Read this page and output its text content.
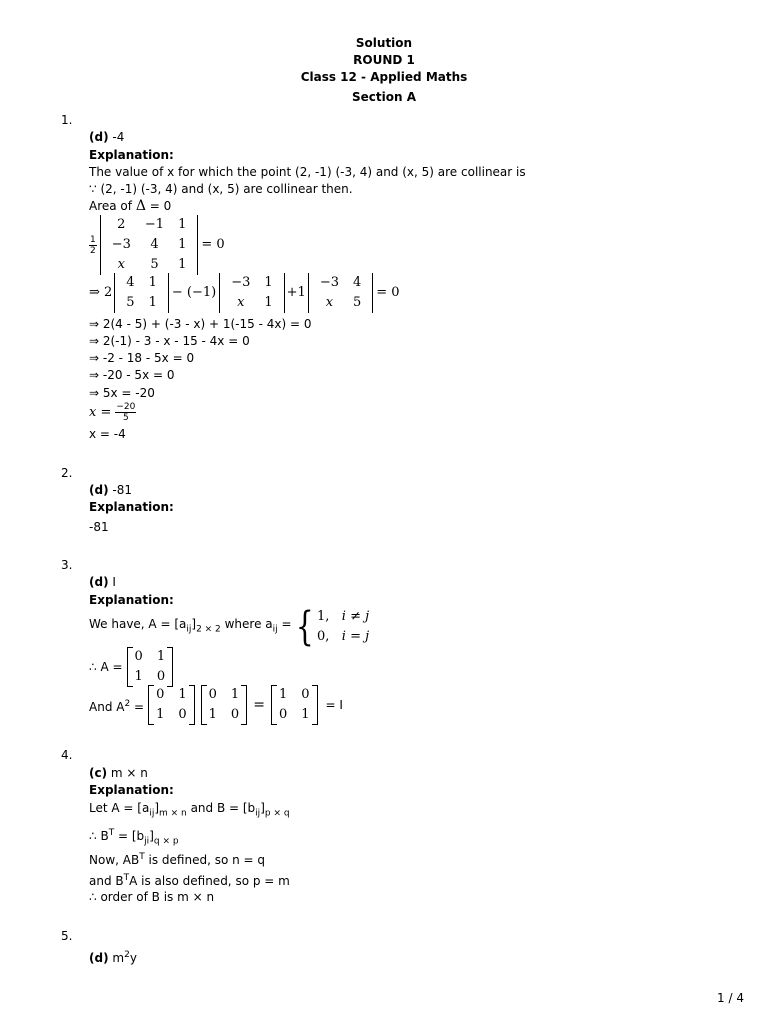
Solution
ROUND 1
Class 12 - Applied Maths
Section A
1.
(d) -4
Explanation:
The value of x for which the point (2, -1) (-3, 4) and (x, 5) are collinear is
∵ (2, -1) (-3, 4) and (x, 5) are collinear then.
Area of Δ = 0
$\frac{1}{2}$
2	−1	1
−3	4	1
x	5	1
= 0
⇒ 2
4	1
5	1
− (−1)
−3	1
x	1
+1
−3	4
x	5
= 0
⇒ 2(4 - 5) + (-3 - x) + 1(-15 - 4x) = 0
⇒ 2(-1) - 3 - x - 15 - 4x = 0
⇒ -2 - 18 - 5x = 0
⇒ -20 - 5x = 0
⇒ 5x = -20
$x = \frac{-20}{5}$
x = -4
2.
(d) -81
Explanation:
-81
3.
(d) I
Explanation:
We have, $A = [a_{ij}]_{2 \times 2}$ where $a_{ij}$ = { 1, i ≠ j
0, i = j
∴ A =
0	1
1	0
And $A^2$ =
0	1
1	0
0	1
1	0
=
1	0
0	1
= I
4.
(c) m × n
Explanation:
Let $A = [a_{ij}]_{m \times n}$ and $B = [b_{ij}]_{p \times q}$
∴ $B^T = [b_{ji}]_{q \times p}$
Now, $AB^T$ is defined, so n = q
and $B^TA$ is also defined, so p = m
∴ order of B is m × n
5.
(d) $m^2y$
1 / 4
